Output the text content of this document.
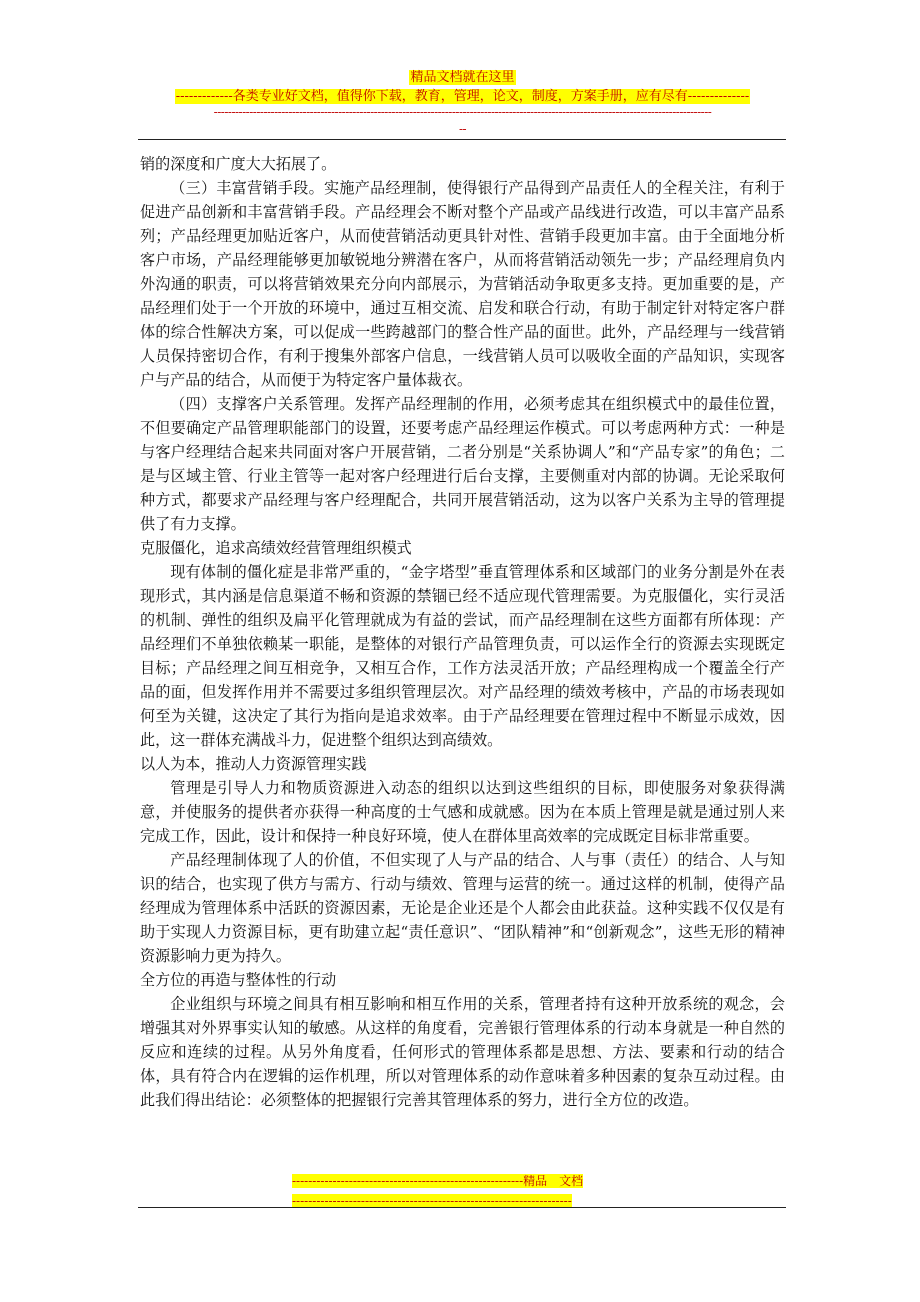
精品文档就在这里
-------------各类专业好文档，值得你下载，教育，管理，论文，制度，方案手册，应有尽有--------------
--------------------------------------------------------------------------------------------------------------------------------------------
--

销的深度和广度大大拓展了。

（三）丰富营销手段。实施产品经理制，使得银行产品得到产品责任人的全程关注，有利于促进产品创新和丰富营销手段。产品经理会不断对整个产品或产品线进行改造，可以丰富产品系列；产品经理更加贴近客户，从而使营销活动更具针对性、营销手段更加丰富。由于全面地分析客户市场，产品经理能够更加敏锐地分辨潜在客户，从而将营销活动领先一步；产品经理肩负内外沟通的职责，可以将营销效果充分向内部展示，为营销活动争取更多支持。更加重要的是，产品经理们处于一个开放的环境中，通过互相交流、启发和联合行动，有助于制定针对特定客户群体的综合性解决方案，可以促成一些跨越部门的整合性产品的面世。此外，产品经理与一线营销人员保持密切合作，有利于搜集外部客户信息，一线营销人员可以吸收全面的产品知识，实现客户与产品的结合，从而便于为特定客户量体裁衣。

（四）支撑客户关系管理。发挥产品经理制的作用，必须考虑其在组织模式中的最佳位置，不但要确定产品管理职能部门的设置，还要考虑产品经理运作模式。可以考虑两种方式：一种是与客户经理结合起来共同面对客户开展营销，二者分别是“关系协调人”和“产品专家”的角色；二是与区域主管、行业主管等一起对客户经理进行后台支撑，主要侧重对内部的协调。无论采取何种方式，都要求产品经理与客户经理配合，共同开展营销活动，这为以客户关系为主导的管理提供了有力支撑。

克服僵化，追求高绩效经营管理组织模式

现有体制的僵化症是非常严重的，“金字塔型”垂直管理体系和区域部门的业务分割是外在表现形式，其内涵是信息渠道不畅和资源的禁锢已经不适应现代管理需要。为克服僵化，实行灵活的机制、弹性的组织及扁平化管理就成为有益的尝试，而产品经理制在这些方面都有所体现：产品经理们不单独依赖某一职能，是整体的对银行产品管理负责，可以运作全行的资源去实现既定目标；产品经理之间互相竞争，又相互合作，工作方法灵活开放；产品经理构成一个覆盖全行产品的面，但发挥作用并不需要过多组织管理层次。对产品经理的绩效考核中，产品的市场表现如何至为关键，这决定了其行为指向是追求效率。由于产品经理要在管理过程中不断显示成效，因此，这一群体充满战斗力，促进整个组织达到高绩效。

以人为本，推动人力资源管理实践

管理是引导人力和物质资源进入动态的组织以达到这些组织的目标，即使服务对象获得满意，并使服务的提供者亦获得一种高度的士气感和成就感。因为在本质上管理是就是通过别人来完成工作，因此，设计和保持一种良好环境，使人在群体里高效率的完成既定目标非常重要。

产品经理制体现了人的价值，不但实现了人与产品的结合、人与事（责任）的结合、人与知识的结合，也实现了供方与需方、行动与绩效、管理与运营的统一。通过这样的机制，使得产品经理成为管理体系中活跃的资源因素，无论是企业还是个人都会由此获益。这种实践不仅仅是有助于实现人力资源目标，更有助建立起“责任意识”、“团队精神”和“创新观念”，这些无形的精神资源影响力更为持久。

全方位的再造与整体性的行动

企业组织与环境之间具有相互影响和相互作用的关系，管理者持有这种开放系统的观念，会增强其对外界事实认知的敏感。从这样的角度看，完善银行管理体系的行动本身就是一种自然的反应和连续的过程。从另外角度看，任何形式的管理体系都是思想、方法、要素和行动的结合体，具有符合内在逻辑的运作机理，所以对管理体系的动作意味着多种因素的复杂互动过程。由此我们得出结论：必须整体的把握银行完善其管理体系的努力，进行全方位的改造。

---------------------------------------------------------精品　文档
---------------------------------------------------------------------
